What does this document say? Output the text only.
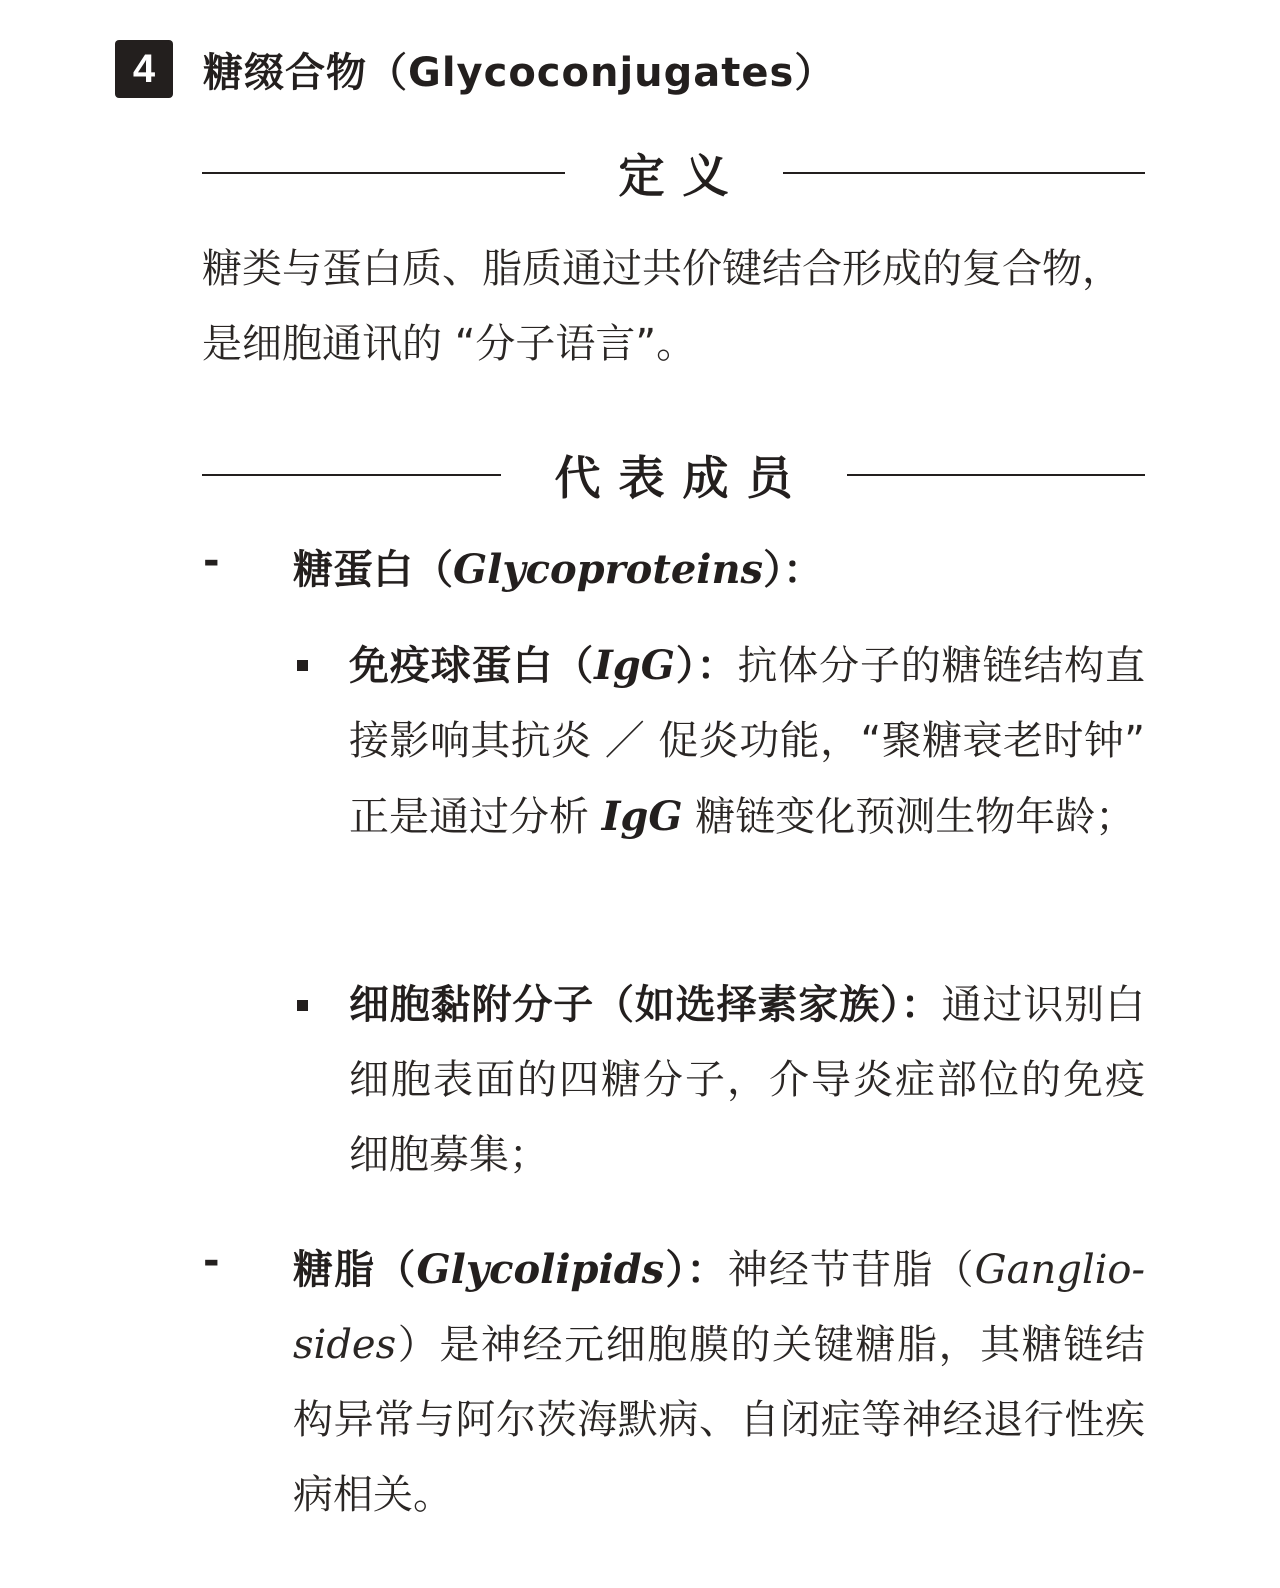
4	糖缀合物（Glycoconjugates）
定义
糖类与蛋白质、脂质通过共价键结合形成的复合物，是细胞通讯的 “分子语言”。
代表成员
- 糖蛋白（Glycoproteins）：
免疫球蛋白（IgG）：抗体分子的糖链结构直接影响其抗炎 ／ 促炎功能，“聚糖衰老时钟” 正是通过分析 IgG 糖链变化预测生物年龄；
细胞黏附分子（如选择素家族）：通过识别白细胞表面的四糖分子，介导炎症部位的免疫细胞募集；
- 糖脂（Glycolipids）：神经节苷脂（Ganglio-sides）是神经元细胞膜的关键糖脂，其糖链结构异常与阿尔茨海默病、自闭症等神经退行性疾病相关。
